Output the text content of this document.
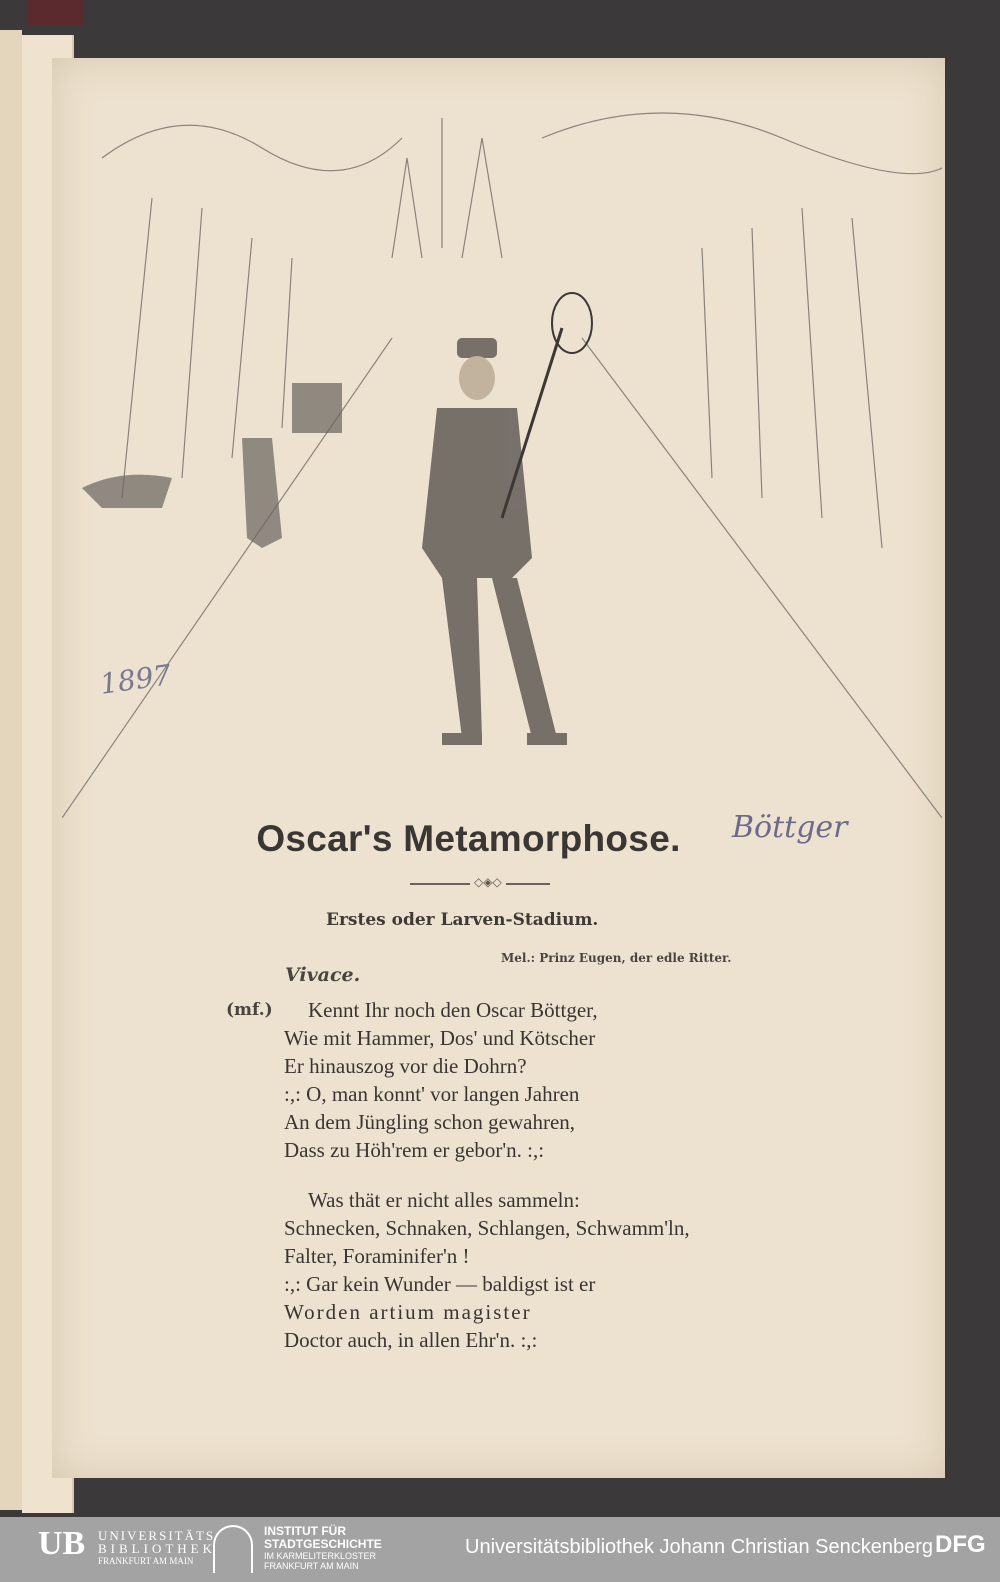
1897
Oscar's Metamorphose.	Böttger
◇◈◇
Erstes oder Larven-Stadium.
Mel.: Prinz Eugen, der edle Ritter.
Vivace.
(mf.)	Kennt Ihr noch den Oscar Böttger,
Wie mit Hammer, Dos' und Kötscher
Er hinauszog vor die Dohrn?
:,: O, man konnt' vor langen Jahren
An dem Jüngling schon gewahren,
Dass zu Höh'rem er gebor'n. :,:
Was thät er nicht alles sammeln:
Schnecken, Schnaken, Schlangen, Schwamm'ln,
Falter, Foraminifer'n !
:,: Gar kein Wunder — baldigst ist er
Worden artium magister
Doctor auch, in allen Ehr'n. :,:
UB UNIVERSITÄTS
BIBLIOTHEK
FRANKFURT AM MAIN
INSTITUT FÜR
STADTGESCHICHTE
IM KARMELITERKLOSTER
FRANKFURT AM MAIN
Universitätsbibliothek Johann Christian Senckenberg DFG
